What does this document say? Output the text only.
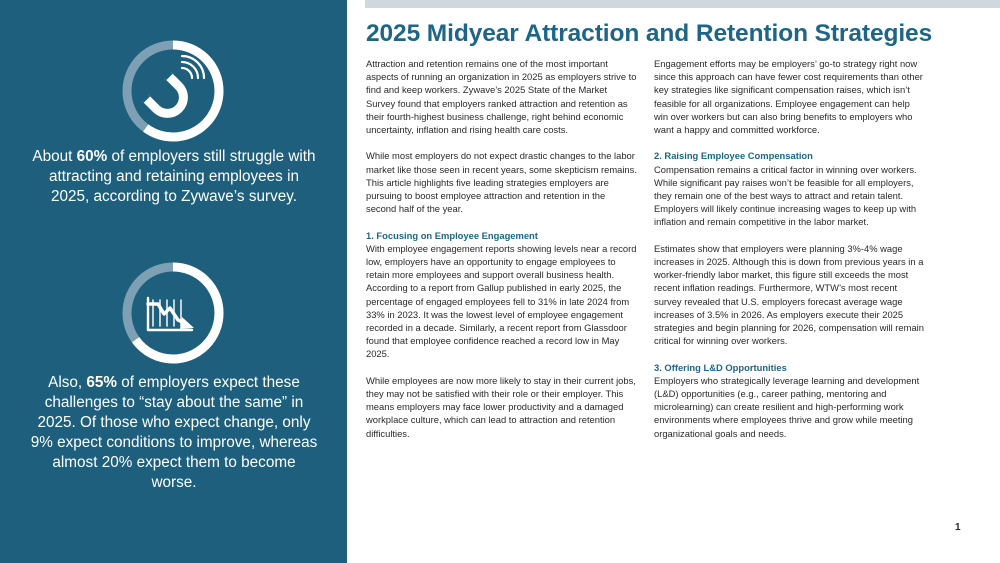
About 60% of employers still struggle with attracting and retaining employees in 2025, according to Zywave’s survey.
Also, 65% of employers expect these challenges to “stay about the same” in 2025. Of those who expect change, only 9% expect conditions to improve, whereas almost 20% expect them to become worse.
2025 Midyear Attraction and Retention Strategies

Attraction and retention remains one of the most important aspects of running an organization in 2025 as employers strive to find and keep workers. Zywave’s 2025 State of the Market Survey found that employers ranked attraction and retention as their fourth-highest business challenge, right behind economic uncertainty, inflation and rising health care costs.

While most employers do not expect drastic changes to the labor market like those seen in recent years, some skepticism remains. This article highlights five leading strategies employers are pursuing to boost employee attraction and retention in the second half of the year.

1. Focusing on Employee Engagement

With employee engagement reports showing levels near a record low, employers have an opportunity to engage employees to retain more employees and support overall business health. According to a report from Gallup published in early 2025, the percentage of engaged employees fell to 31% in late 2024 from 33% in 2023. It was the lowest level of employee engagement recorded in a decade. Similarly, a recent report from Glassdoor found that employee confidence reached a record low in May 2025.

While employees are now more likely to stay in their current jobs, they may not be satisfied with their role or their employer. This means employers may face lower productivity and a damaged workplace culture, which can lead to attraction and retention difficulties.

Engagement efforts may be employers’ go-to strategy right now since this approach can have fewer cost requirements than other key strategies like significant compensation raises, which isn’t feasible for all organizations. Employee engagement can help win over workers but can also bring benefits to employers who want a happy and committed workforce.

2. Raising Employee Compensation

Compensation remains a critical factor in winning over workers. While significant pay raises won’t be feasible for all employers, they remain one of the best ways to attract and retain talent. Employers will likely continue increasing wages to keep up with inflation and remain competitive in the labor market.

Estimates show that employers were planning 3%-4% wage increases in 2025. Although this is down from previous years in a worker-friendly labor market, this figure still exceeds the most recent inflation readings. Furthermore, WTW’s most recent survey revealed that U.S. employers forecast average wage increases of 3.5% in 2026. As employers execute their 2025 strategies and begin planning for 2026, compensation will remain critical for winning over workers.

3. Offering L&D Opportunities

Employers who strategically leverage learning and development (L&D) opportunities (e.g., career pathing, mentoring and microlearning) can create resilient and high-performing work environments where employees thrive and grow while meeting organizational goals and needs.

1
